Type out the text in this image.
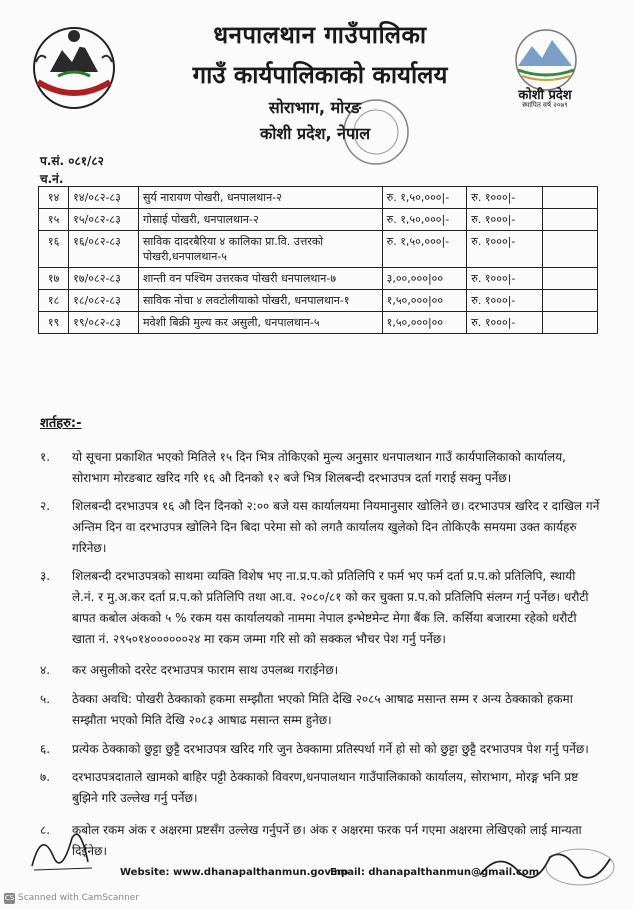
धनपालथान गाउँपालिका
गाउँ कार्यपालिकाको कार्यालय
सोराभाग, मोरङ
कोशी प्रदेश, नेपाल
कोशी प्रदेश
स्थापित वर्ष २०७९
प.सं. ०८१/८२
च.नं.
१४	१४/०८२-८३	सुर्य नारायण पोखरी, धनपालथान-२	रु. १,५०,०००|-	रु. १०००|-	
१५	१५/०८२-८३	गोसाई पोखरी, धनपालथान-२	रु. १,५०,०००|-	रु. १०००|-	
१६	१६/०८२-८३	साविक दादरबैरिया ४ कालिका प्रा.वि. उत्तरको पोखरी,धनपालथान-५	रु. १,५०,०००|-	रु. १०००|-	
१७	१७/०८२-८३	शान्ती वन पश्चिम उत्तरकव पोखरी धनपालथान-७	३,००,०००|००	रु. १०००|-	
१८	१८/०८२-८३	साविक नोचा ४ लवटोलीयाको पोखरी, धनपालथान-१	१,५०,०००|००	रु. १०००|-	
१९	१९/०८२-८३	मवेशी बिक्री मुल्य कर असुली, धनपालथान-५	१,५०,०००|००	रु. १०००|-	
शर्तहरु:-
१.	यो सूचना प्रकाशित भएको मितिले १५ दिन भित्र तोकिएको मुल्य अनुसार धनपालथान गाउँ कार्यपालिकाको कार्यालय, सोराभाग मोरङबाट खरिद गरि १६ औ दिनको १२ बजे भित्र शिलबन्दी दरभाउपत्र दर्ता गराई सक्नु पर्नेछ।
२.	शिलबन्दी दरभाउपत्र १६ औ दिन दिनको २:०० बजे यस कार्यालयमा नियमानुसार खोलिने छ। दरभाउपत्र खरिद र दाखिल गर्ने अन्तिम दिन वा दरभाउपत्र खोलिने दिन बिदा परेमा सो को लगतै कार्यालय खुलेको दिन तोकिएकै समयमा उक्त कार्यहरु गरिनेछ।
३.	शिलबन्दी दरभाउपत्रको साथमा व्यक्ति विशेष भए ना.प्र.प.को प्रतिलिपि र फर्म भए फर्म दर्ता प्र.प.को प्रतिलिपि, स्थायी ले.नं. र मु.अ.कर दर्ता प्र.प.को प्रतिलिपि तथा आ.व. २०८०/८१ को कर चुक्ता प्र.प.को प्रतिलिपि संलग्न गर्नु पर्नेछ। धरौटी बापत कबोल अंकको ५ % रकम यस कार्यालयको नाममा नेपाल इन्भेष्टमेन्ट मेगा बैंक लि. कर्सिया बजारमा रहेको धरौटी खाता नं. २९५०१४००००००२४ मा रकम जम्मा गरि सो को सक्कल भौचर पेश गर्नु पर्नेछ।
४.	कर असुलीको दररेट दरभाउपत्र फाराम साथ उपलब्ध गराईनेछ।
५.	ठेक्का अवधि: पोखरी ठेक्काको हकमा सम्झौता भएको मिति देखि २०८५ आषाढ मसान्त सम्म र अन्य ठेक्काको हकमा सम्झौता भएको मिति देखि २०८३ आषाढ मसान्त सम्म हुनेछ।
६.	प्रत्येक ठेक्काको छुट्टा छुट्टै दरभाउपत्र खरिद गरि जुन ठेक्कामा प्रतिस्पर्धा गर्ने हो सो को छुट्टा छुट्टै दरभाउपत्र पेश गर्नु पर्नेछ।
७.	दरभाउपत्रदाताले खामको बाहिर पट्टी ठेक्काको विवरण,धनपालथान गाउँपालिकाको कार्यालय, सोराभाग, मोरङ्ग भनि प्रष्ट बुझिने गरि उल्लेख गर्नु पर्नेछ।
८.	कबोल रकम अंक र अक्षरमा प्रष्टसँग उल्लेख गर्नुपर्ने छ। अंक र अक्षरमा फरक पर्न गएमा अक्षरमा लेखिएको लाई मान्यता दिईनेछ।
Website: www.dhanapalthanmun.gov.np
Email: dhanapalthanmun@gmail.com
CS Scanned with CamScanner
